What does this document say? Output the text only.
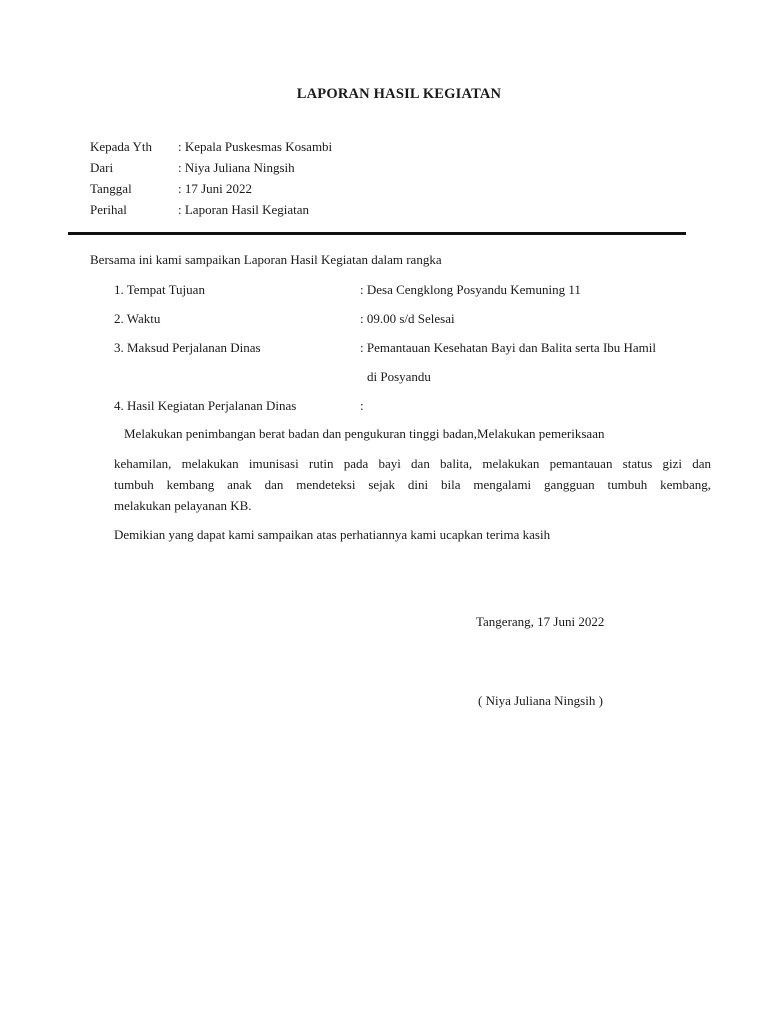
LAPORAN HASIL KEGIATAN
Kepada Yth : Kepala Puskesmas Kosambi
Dari	: Niya Juliana Ningsih
Tanggal	: 17 Juni 2022
Perihal	: Laporan Hasil Kegiatan
Bersama ini kami sampaikan Laporan Hasil Kegiatan dalam rangka
1. Tempat Tujuan	: Desa Cengklong Posyandu Kemuning 11
2. Waktu	: 09.00 s/d Selesai
3. Maksud Perjalanan Dinas	: Pemantauan Kesehatan Bayi dan Balita serta Ibu Hamil
di Posyandu
4. Hasil Kegiatan Perjalanan Dinas	:
Melakukan penimbangan berat badan dan pengukuran tinggi badan,Melakukan pemeriksaan
kehamilan, melakukan imunisasi rutin pada bayi dan balita, melakukan pemantauan status gizi dan
tumbuh kembang anak dan mendeteksi sejak dini bila mengalami gangguan tumbuh kembang,
melakukan pelayanan KB.
Demikian yang dapat kami sampaikan atas perhatiannya kami ucapkan terima kasih
Tangerang, 17 Juni 2022
( Niya Juliana Ningsih )
